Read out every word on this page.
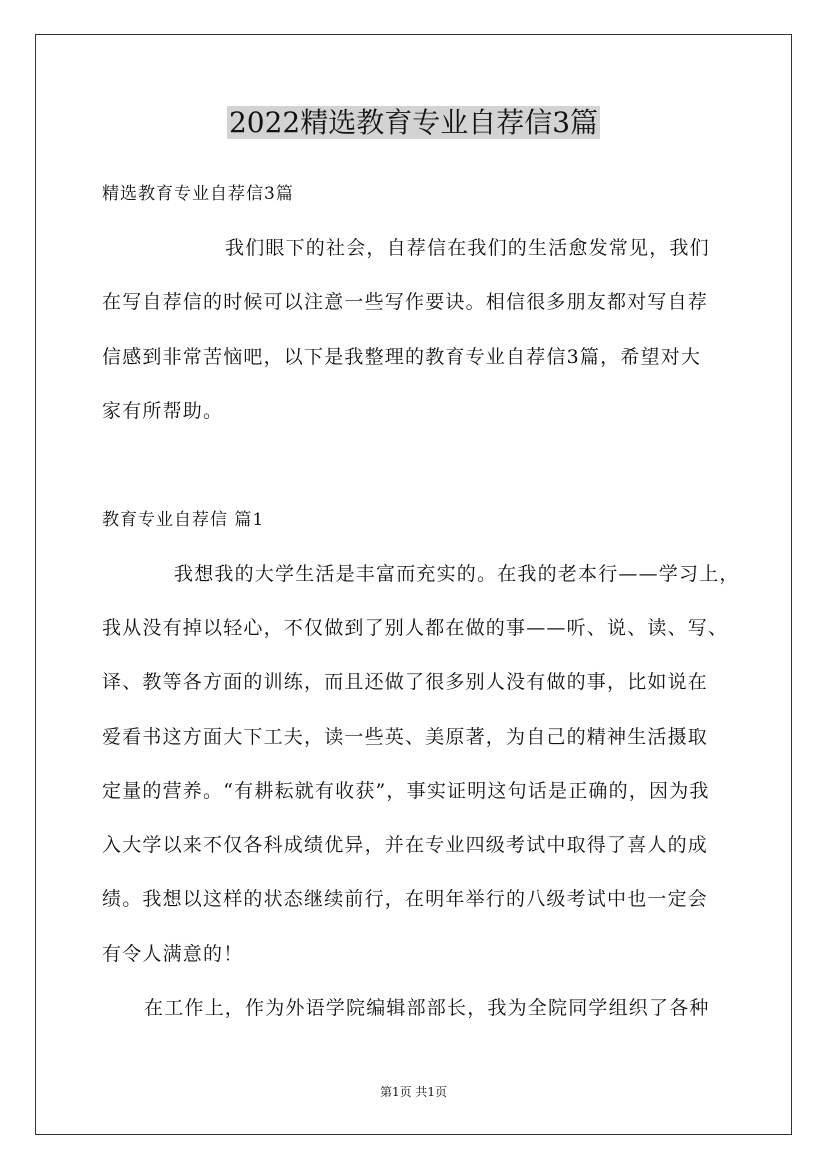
2022精选教育专业自荐信3篇
精选教育专业自荐信3篇
我们眼下的社会，自荐信在我们的生活愈发常见，我们
在写自荐信的时候可以注意一些写作要诀。相信很多朋友都对写自荐
信感到非常苦恼吧，以下是我整理的教育专业自荐信3篇，希望对大
家有所帮助。
教育专业自荐信 篇1
我想我的大学生活是丰富而充实的。在我的老本行——学习上，
我从没有掉以轻心，不仅做到了别人都在做的事——听、说、读、写、
译、教等各方面的训练，而且还做了很多别人没有做的事，比如说在
爱看书这方面大下工夫，读一些英、美原著，为自己的精神生活摄取
定量的营养。“有耕耘就有收获”，事实证明这句话是正确的，因为我
入大学以来不仅各科成绩优异，并在专业四级考试中取得了喜人的成
绩。我想以这样的状态继续前行，在明年举行的八级考试中也一定会
有令人满意的！
在工作上，作为外语学院编辑部部长，我为全院同学组织了各种
第1页 共1页
